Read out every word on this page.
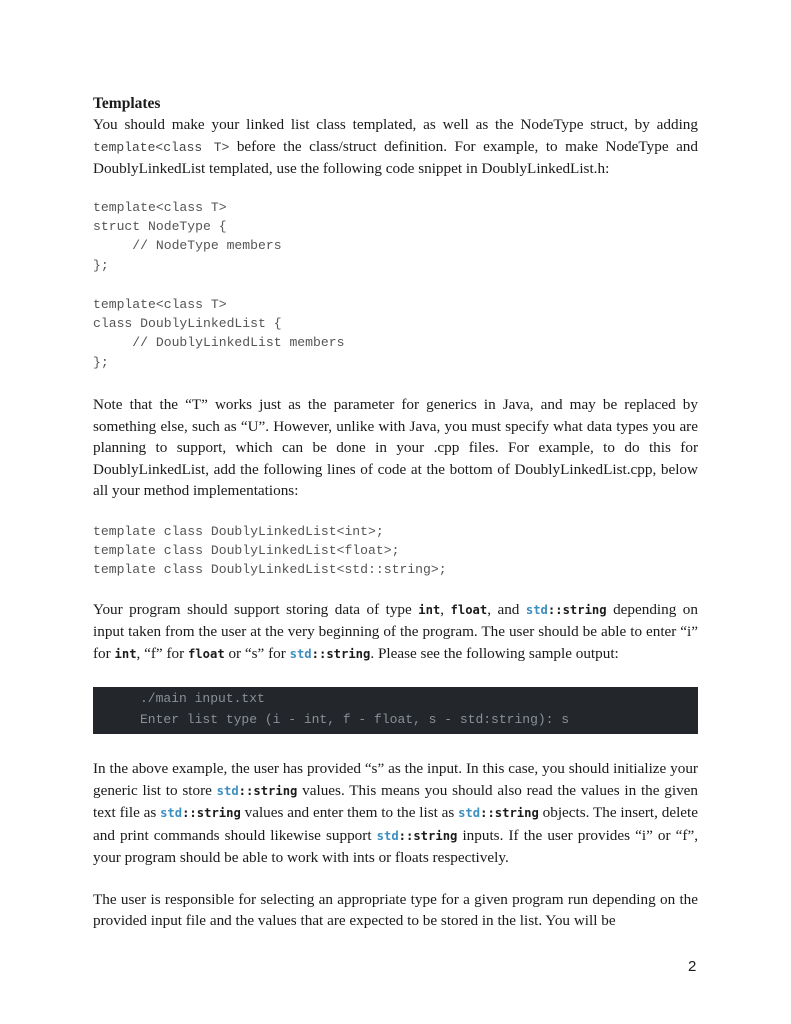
Templates

You should make your linked list class templated, as well as the NodeType struct, by adding template<class T> before the class/struct definition. For example, to make NodeType and DoublyLinkedList templated, use the following code snippet in DoublyLinkedList.h:

template<class T>
struct NodeType {
// NodeType members
};

template<class T>
class DoublyLinkedList {
// DoublyLinkedList members
};

Note that the “T” works just as the parameter for generics in Java, and may be replaced by something else, such as “U”. However, unlike with Java, you must specify what data types you are planning to support, which can be done in your .cpp files. For example, to do this for DoublyLinkedList, add the following lines of code at the bottom of DoublyLinkedList.cpp, below all your method implementations:

template class DoublyLinkedList<int>;
template class DoublyLinkedList<float>;
template class DoublyLinkedList<std::string>;

Your program should support storing data of type int, float, and std::string depending on input taken from the user at the very beginning of the program. The user should be able to enter “i” for int, “f” for float or “s” for std::string. Please see the following sample output:

./main input.txt
Enter list type (i - int, f - float, s - std:string): s

In the above example, the user has provided “s” as the input. In this case, you should initialize your generic list to store std::string values. This means you should also read the values in the given text file as std::string values and enter them to the list as std::string objects. The insert, delete and print commands should likewise support std::string inputs. If the user provides “i” or “f”, your program should be able to work with ints or floats respectively.

The user is responsible for selecting an appropriate type for a given program run depending on the provided input file and the values that are expected to be stored in the list. You will be

2
